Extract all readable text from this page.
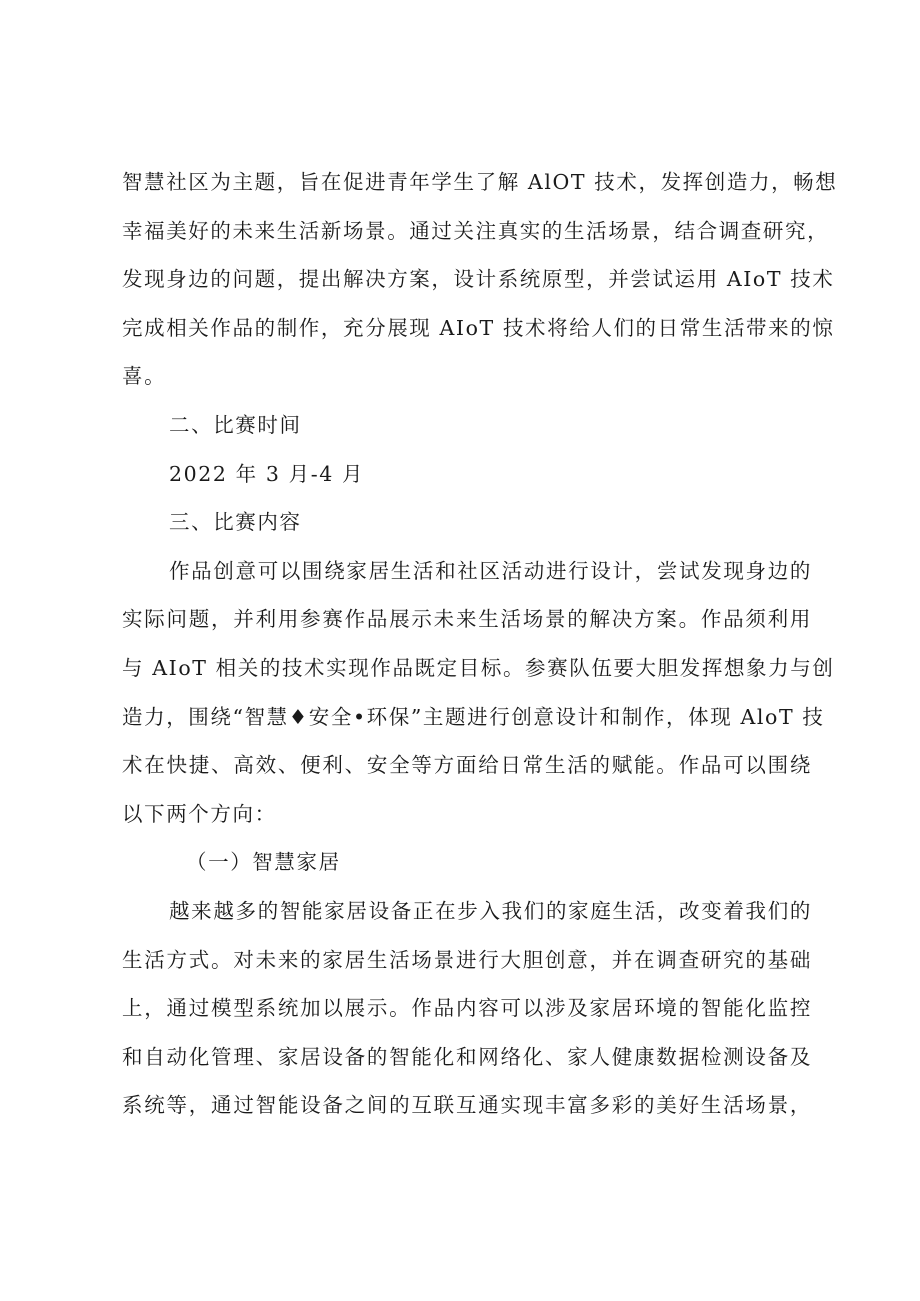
智慧社区为主题，旨在促进青年学生了解 AlOT 技术，发挥创造力，畅想
幸福美好的未来生活新场景。通过关注真实的生活场景，结合调查研究，
发现身边的问题，提出解决方案，设计系统原型，并尝试运用 AIoT 技术
完成相关作品的制作，充分展现 AIoT 技术将给人们的日常生活带来的惊
喜。
二、比赛时间
2022 年 3 月-4 月
三、比赛内容
作品创意可以围绕家居生活和社区活动进行设计，尝试发现身边的
实际问题，并利用参赛作品展示未来生活场景的解决方案。作品须利用
与 AIoT 相关的技术实现作品既定目标。参赛队伍要大胆发挥想象力与创
造力，围绕“智慧♦安全•环保”主题进行创意设计和制作，体现 AloT 技
术在快捷、高效、便利、安全等方面给日常生活的赋能。作品可以围绕
以下两个方向：
（一）智慧家居
越来越多的智能家居设备正在步入我们的家庭生活，改变着我们的
生活方式。对未来的家居生活场景进行大胆创意，并在调查研究的基础
上，通过模型系统加以展示。作品内容可以涉及家居环境的智能化监控
和自动化管理、家居设备的智能化和网络化、家人健康数据检测设备及
系统等，通过智能设备之间的互联互通实现丰富多彩的美好生活场景，
